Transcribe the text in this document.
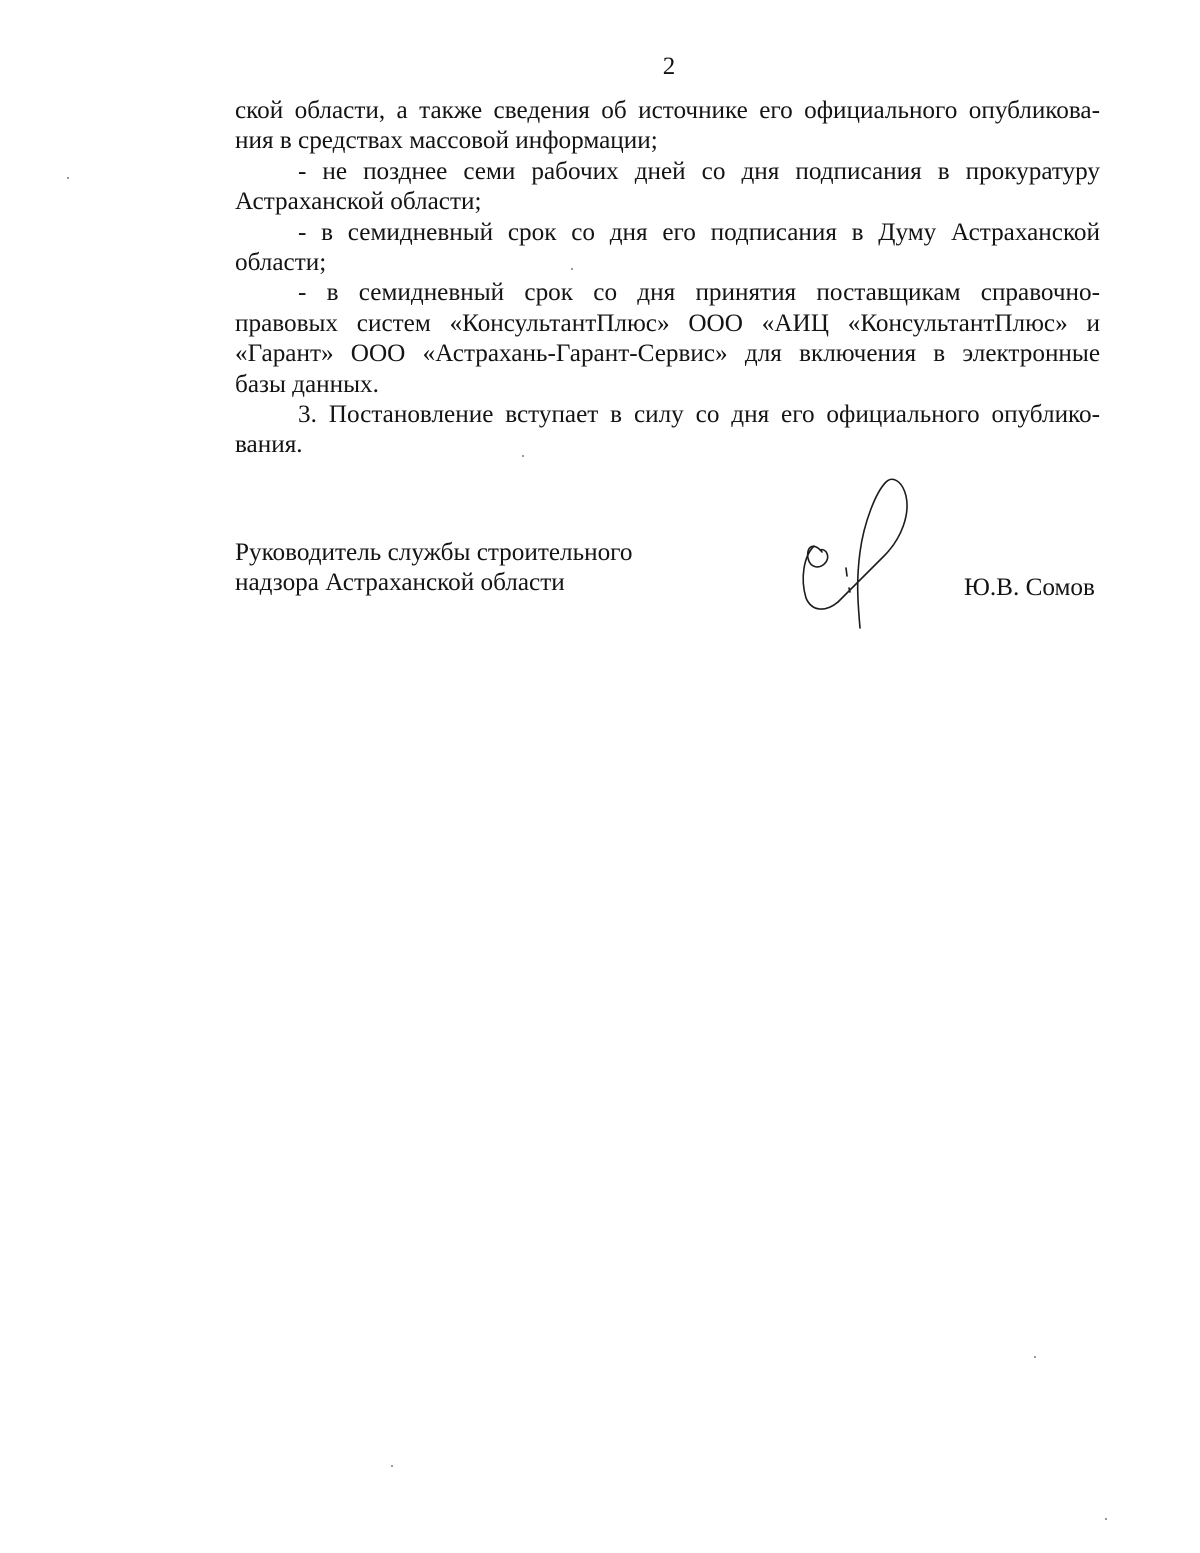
2

ской области, а также сведения об источнике его официального опубликова-
ния в средствах массовой информации;

- не позднее семи рабочих дней со дня подписания в прокуратуру
Астраханской области;

- в семидневный срок со дня его подписания в Думу Астраханской
области;

- в семидневный срок со дня принятия поставщикам справочно-
правовых систем «КонсультантПлюс» ООО «АИЦ «КонсультантПлюс» и
«Гарант» ООО «Астрахань-Гарант-Сервис» для включения в электронные
базы данных.

3. Постановление вступает в силу со дня его официального опублико-
вания.

Руководитель службы строительного
надзора Астраханской области	Ю.В. Сомов
